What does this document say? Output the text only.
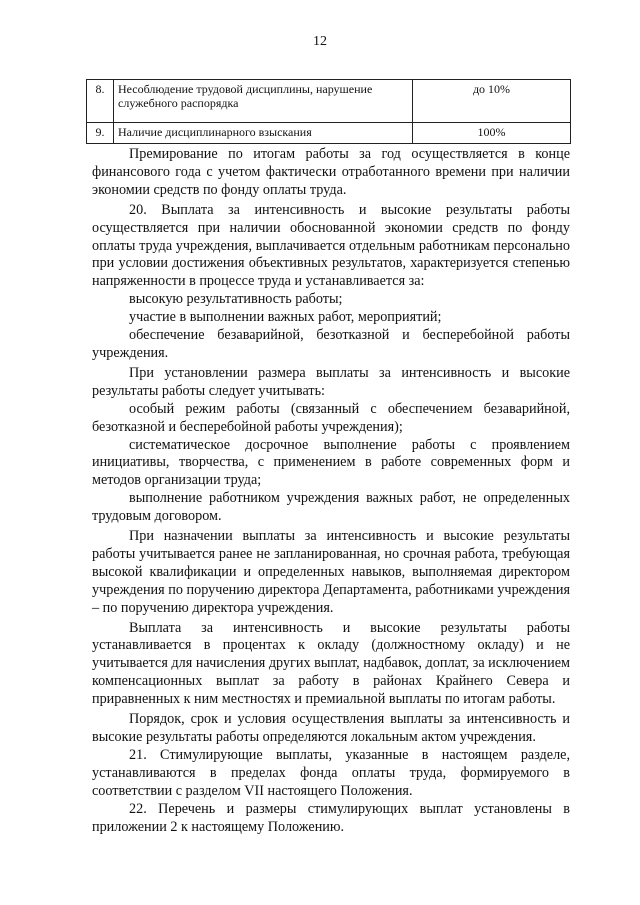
12
8.	Несоблюдение трудовой дисциплины, нарушение служебного распорядка	до 10%
9.	Наличие дисциплинарного взыскания	100%

Премирование по итогам работы за год осуществляется в конце финансового года с учетом фактически отработанного времени при наличии экономии средств по фонду оплаты труда.

20. Выплата за интенсивность и высокие результаты работы осуществляется при наличии обоснованной экономии средств по фонду оплаты труда учреждения, выплачивается отдельным работникам персонально при условии достижения объективных результатов, характеризуется степенью напряженности в процессе труда и устанавливается за:

высокую результативность работы;

участие в выполнении важных работ, мероприятий;

обеспечение безаварийной, безотказной и бесперебойной работы учреждения.

При установлении размера выплаты за интенсивность и высокие результаты работы следует учитывать:

особый режим работы (связанный с обеспечением безаварийной, безотказной и бесперебойной работы учреждения);

систематическое досрочное выполнение работы с проявлением инициативы, творчества, с применением в работе современных форм и методов организации труда;

выполнение работником учреждения важных работ, не определенных трудовым договором.

При назначении выплаты за интенсивность и высокие результаты работы учитывается ранее не запланированная, но срочная работа, требующая высокой квалификации и определенных навыков, выполняемая директором учреждения по поручению директора Департамента, работниками учреждения – по поручению директора учреждения.

Выплата за интенсивность и высокие результаты работы устанавливается в процентах к окладу (должностному окладу) и не учитывается для начисления других выплат, надбавок, доплат, за исключением компенсационных выплат за работу в районах Крайнего Севера и приравненных к ним местностях и премиальной выплаты по итогам работы.

Порядок, срок и условия осуществления выплаты за интенсивность и высокие результаты работы определяются локальным актом учреждения.

21. Стимулирующие выплаты, указанные в настоящем разделе, устанавливаются в пределах фонда оплаты труда, формируемого в соответствии с разделом VII настоящего Положения.

22. Перечень и размеры стимулирующих выплат установлены в приложении 2 к настоящему Положению.
